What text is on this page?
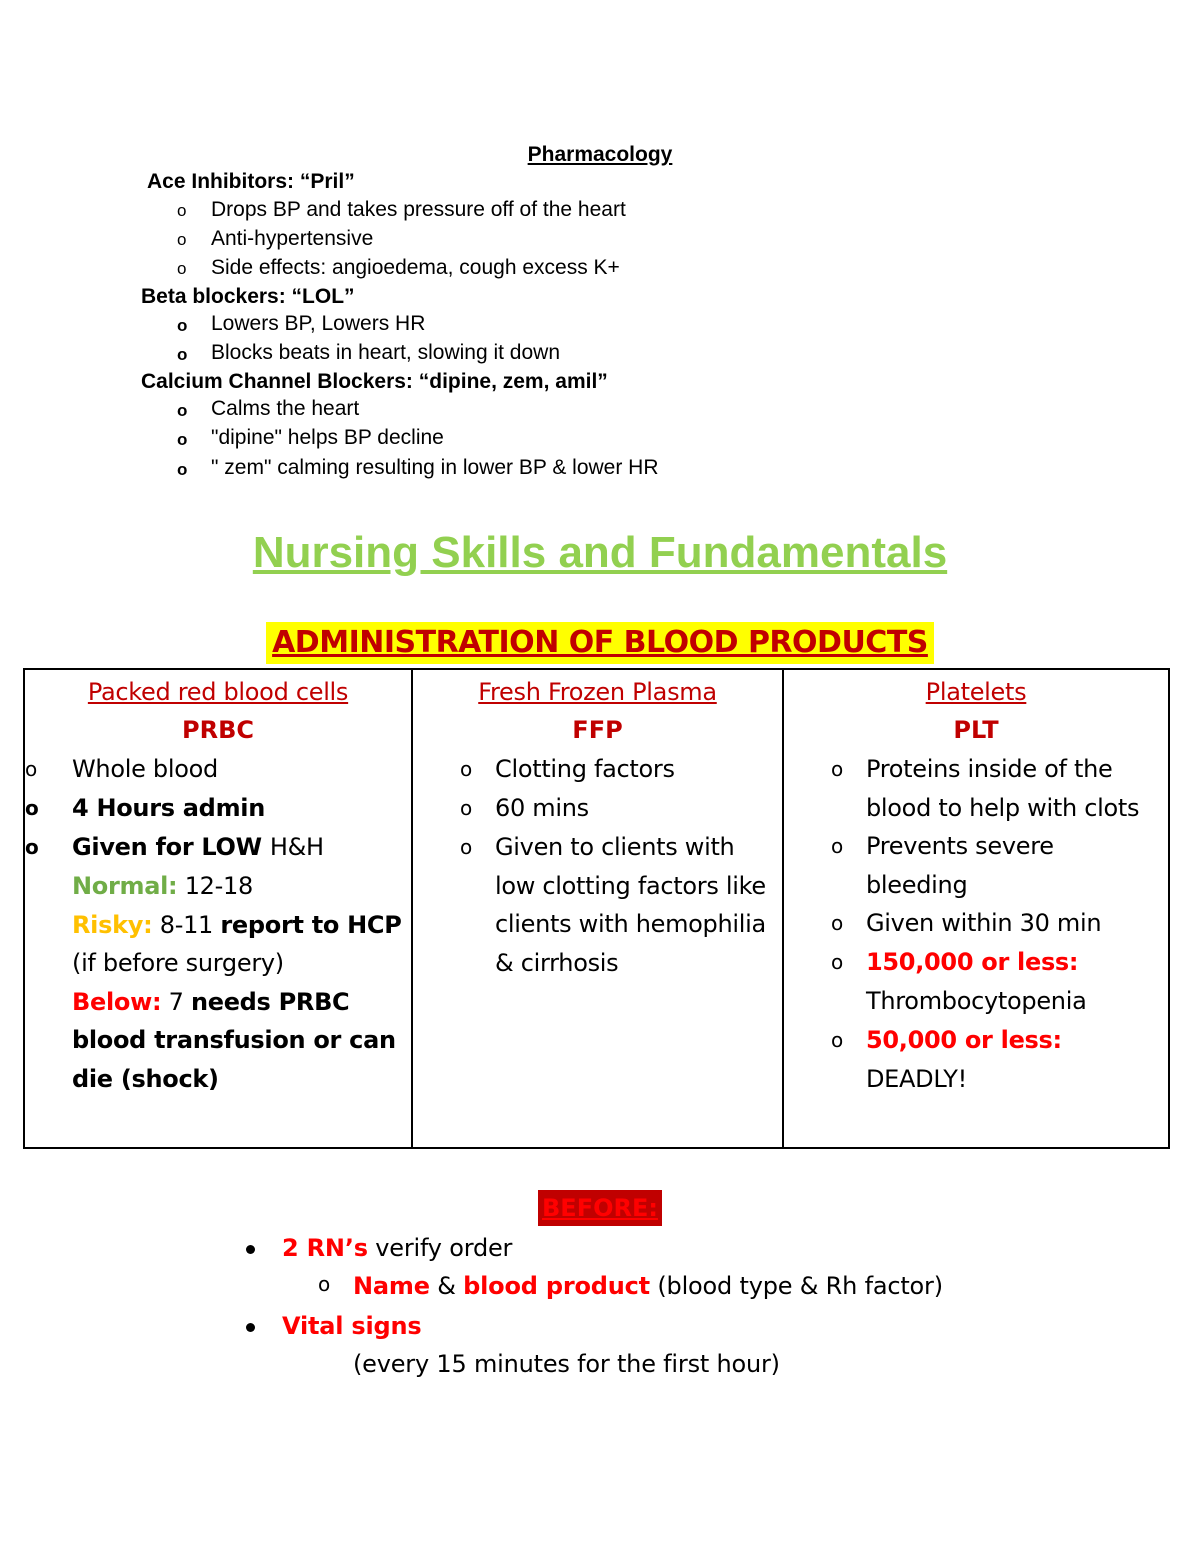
Pharmacology
Ace Inhibitors: “Pril”
o Drops BP and takes pressure off of the heart
o Anti-hypertensive
o Side effects: angioedema, cough excess K+
Beta blockers: “LOL”
o Lowers BP, Lowers HR
o Blocks beats in heart, slowing it down
Calcium Channel Blockers: “dipine, zem, amil”
o Calms the heart
o "dipine" helps BP decline
o " zem" calming resulting in lower BP & lower HR
Nursing Skills and Fundamentals
ADMINISTRATION OF BLOOD PRODUCTS
Packed red blood cells
PRBC
o Whole blood
o 4 Hours admin
o Given for LOW H&H
Normal: 12-18
Risky: 8-11 report to HCP
(if before surgery)
Below: 7 needs PRBC blood transfusion or can die (shock)
Fresh Frozen Plasma
FFP
o Clotting factors
o 60 mins
o Given to clients with low clotting factors like clients with hemophilia & cirrhosis
Platelets
PLT
o Proteins inside of the blood to help with clots
o Prevents severe bleeding
o Given within 30 min
o 150,000 or less:
Thrombocytopenia
o 50,000 or less:
DEADLY!
BEFORE:
2 RN’s verify order
o Name & blood product (blood type & Rh factor)
Vital signs
(every 15 minutes for the first hour)
